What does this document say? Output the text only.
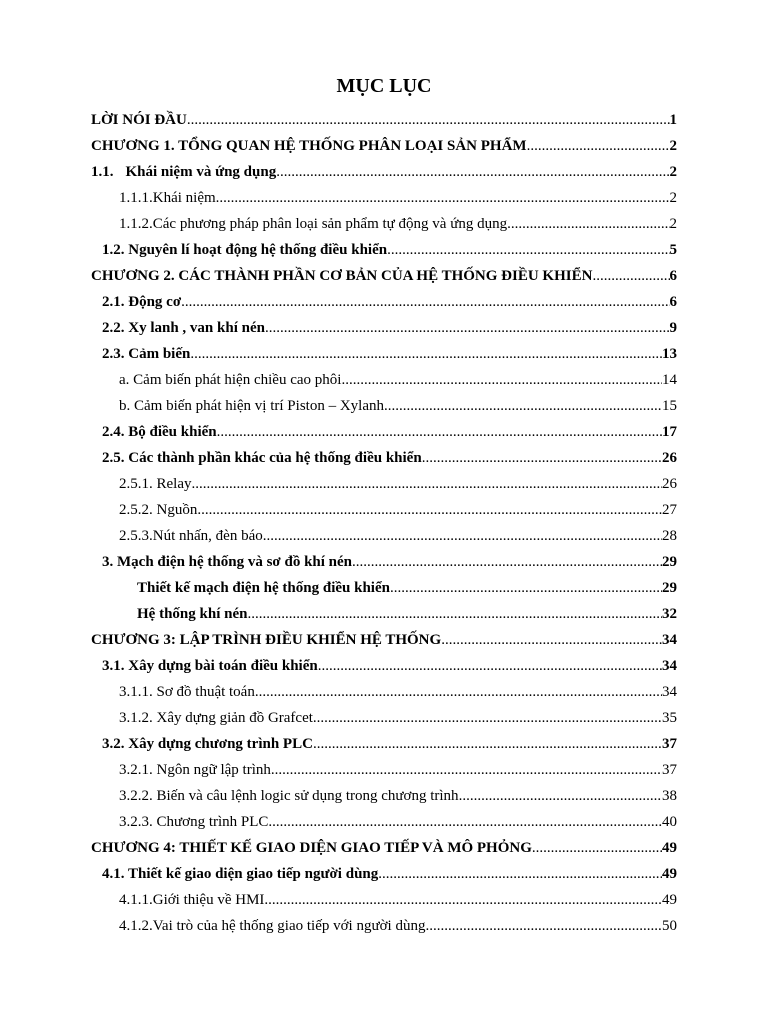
MỤC LỤC
LỜI NÓI ĐẦU .....	1
CHƯƠNG 1. TỔNG QUAN HỆ THỐNG PHÂN LOẠI SẢN PHẨM .....	2
1.1. Khái niệm và ứng dụng .....	2
1.1.1.Khái niệm .....	2
1.1.2.Các phương pháp phân loại sản phẩm tự động và ứng dụng .....	2
1.2. Nguyên lí hoạt động hệ thống điều khiển .....	5
CHƯƠNG 2. CÁC THÀNH PHẦN CƠ BẢN CỦA HỆ THỐNG ĐIỀU KHIỂN .....	6
2.1. Động cơ .....	6
2.2. Xy lanh , van khí nén .....	9
2.3. Cảm biến .....	13
a. Cảm biến phát hiện chiều cao phôi .....	14
b. Cảm biến phát hiện vị trí Piston – Xylanh .....	15
2.4. Bộ điều khiển .....	17
2.5. Các thành phần khác của hệ thống điều khiển .....	26
2.5.1. Relay .....	26
2.5.2. Nguồn .....	27
2.5.3.Nút nhấn, đèn báo .....	28
3. Mạch điện hệ thống và sơ đồ khí nén .....	29
Thiết kế mạch điện hệ thống điều khiển .....	29
Hệ thống khí nén .....	32
CHƯƠNG 3: LẬP TRÌNH ĐIỀU KHIỂN HỆ THỐNG .....	34
3.1. Xây dựng bài toán điều khiển .....	34
3.1.1. Sơ đồ thuật toán .....	34
3.1.2. Xây dựng giản đồ Grafcet .....	35
3.2. Xây dựng chương trình PLC .....	37
3.2.1. Ngôn ngữ lập trình .....	37
3.2.2. Biến và câu lệnh logic sử dụng trong chương trình .....	38
3.2.3. Chương trình PLC .....	40
CHƯƠNG 4: THIẾT KẾ GIAO DIỆN GIAO TIẾP VÀ MÔ PHỎNG .....	49
4.1. Thiết kế giao diện giao tiếp người dùng .....	49
4.1.1.Giới thiệu về HMI .....	49
4.1.2.Vai trò của hệ thống giao tiếp với người dùng .....	50
